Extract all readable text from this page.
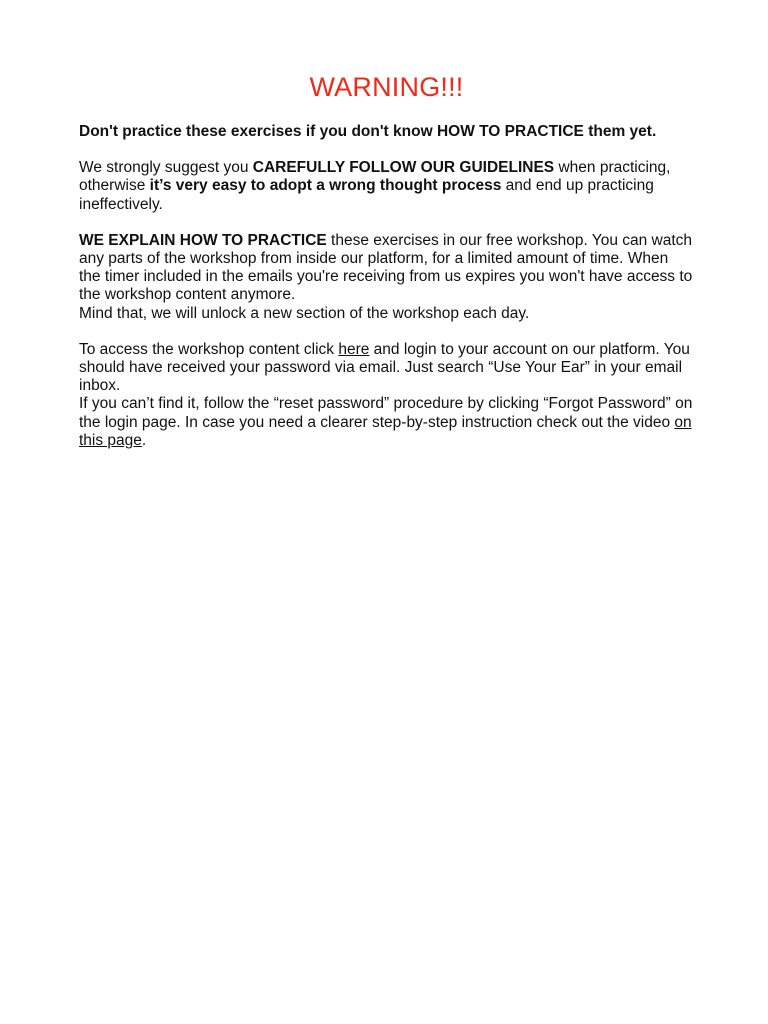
WARNING!!!

Don't practice these exercises if you don't know HOW TO PRACTICE them yet.

We strongly suggest you CAREFULLY FOLLOW OUR GUIDELINES when practicing, otherwise it’s very easy to adopt a wrong thought process and end up practicing ineffectively.

WE EXPLAIN HOW TO PRACTICE these exercises in our free workshop. You can watch any parts of the workshop from inside our platform, for a limited amount of time. When the timer included in the emails you're receiving from us expires you won't have access to the workshop content anymore.

Mind that, we will unlock a new section of the workshop each day.

To access the workshop content click here and login to your account on our platform. You should have received your password via email. Just search “Use Your Ear” in your email inbox.

If you can’t find it, follow the “reset password” procedure by clicking “Forgot Password” on the login page. In case you need a clearer step-by-step instruction check out the video on this page.
